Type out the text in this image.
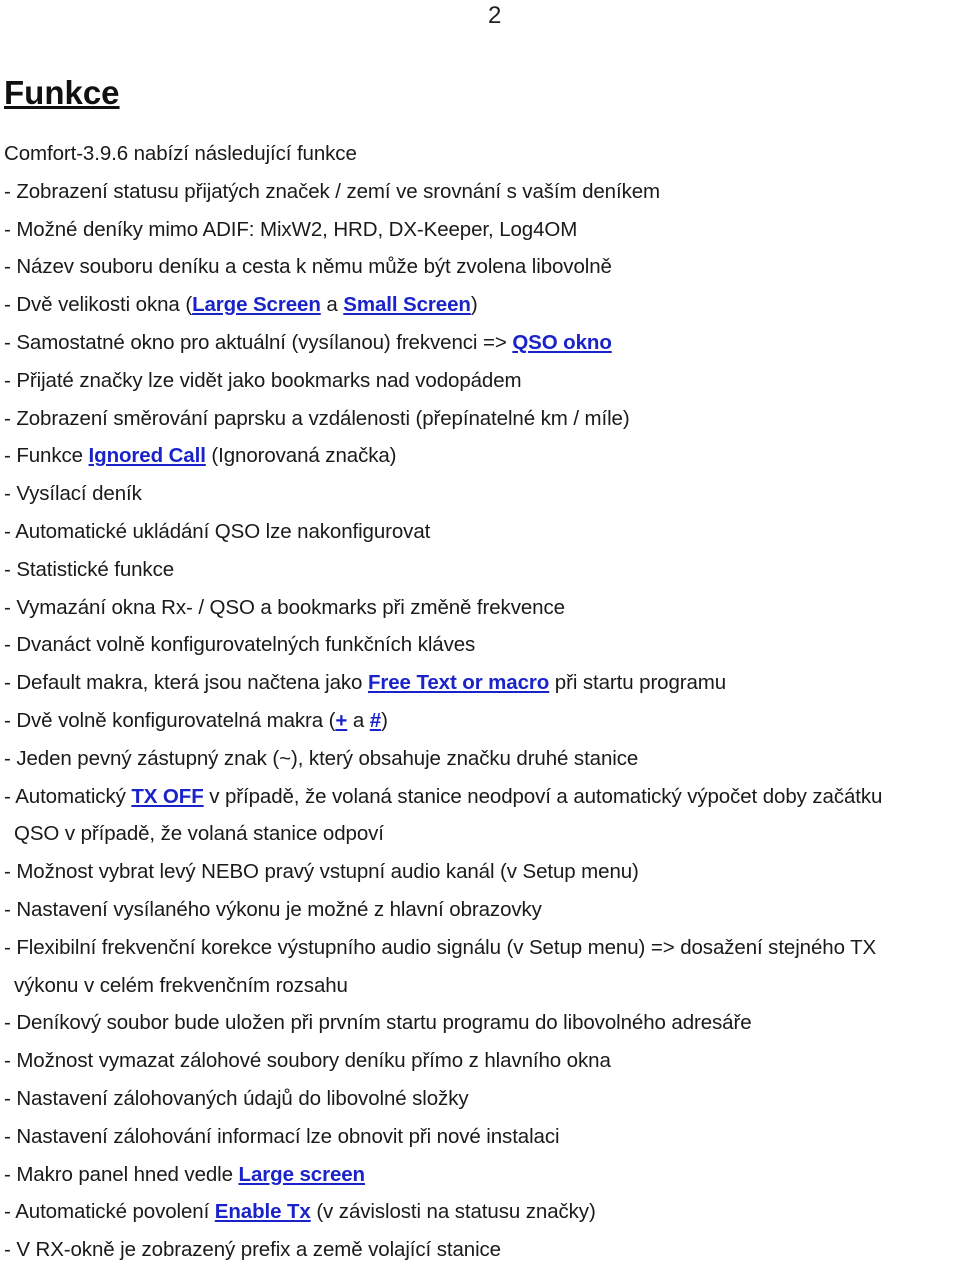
2
Funkce
Comfort-3.9.6 nabízí následující funkce
- Zobrazení statusu přijatých značek / zemí ve srovnání s vaším deníkem
- Možné deníky mimo ADIF: MixW2, HRD, DX-Keeper, Log4OM
- Název souboru deníku a cesta k němu může být zvolena libovolně
- Dvě velikosti okna (Large Screen a Small Screen)
- Samostatné okno pro aktuální (vysílanou) frekvenci => QSO okno
- Přijaté značky lze vidět jako bookmarks nad vodopádem
- Zobrazení směrování paprsku a vzdálenosti (přepínatelné km / míle)
- Funkce Ignored Call (Ignorovaná značka)
- Vysílací deník
- Automatické ukládání QSO lze nakonfigurovat
- Statistické funkce
- Vymazání okna Rx- / QSO a bookmarks při změně frekvence
- Dvanáct volně konfigurovatelných funkčních kláves
- Default makra, která jsou načtena jako Free Text or macro při startu programu
- Dvě volně konfigurovatelná makra (+ a #)
- Jeden pevný zástupný znak (~), který obsahuje značku druhé stanice
- Automatický TX OFF v případě, že volaná stanice neodpoví a automatický výpočet doby začátku
QSO v případě, že volaná stanice odpoví
- Možnost vybrat levý NEBO pravý vstupní audio kanál (v Setup menu)
- Nastavení vysílaného výkonu je možné z hlavní obrazovky
- Flexibilní frekvenční korekce výstupního audio signálu (v Setup menu) => dosažení stejného TX
výkonu v celém frekvenčním rozsahu
- Deníkový soubor bude uložen při prvním startu programu do libovolného adresáře
- Možnost vymazat zálohové soubory deníku přímo z hlavního okna
- Nastavení zálohovaných údajů do libovolné složky
- Nastavení zálohování informací lze obnovit při nové instalaci
- Makro panel hned vedle Large screen
- Automatické povolení Enable Tx (v závislosti na statusu značky)
- V RX-okně je zobrazený prefix a země volající stanice
